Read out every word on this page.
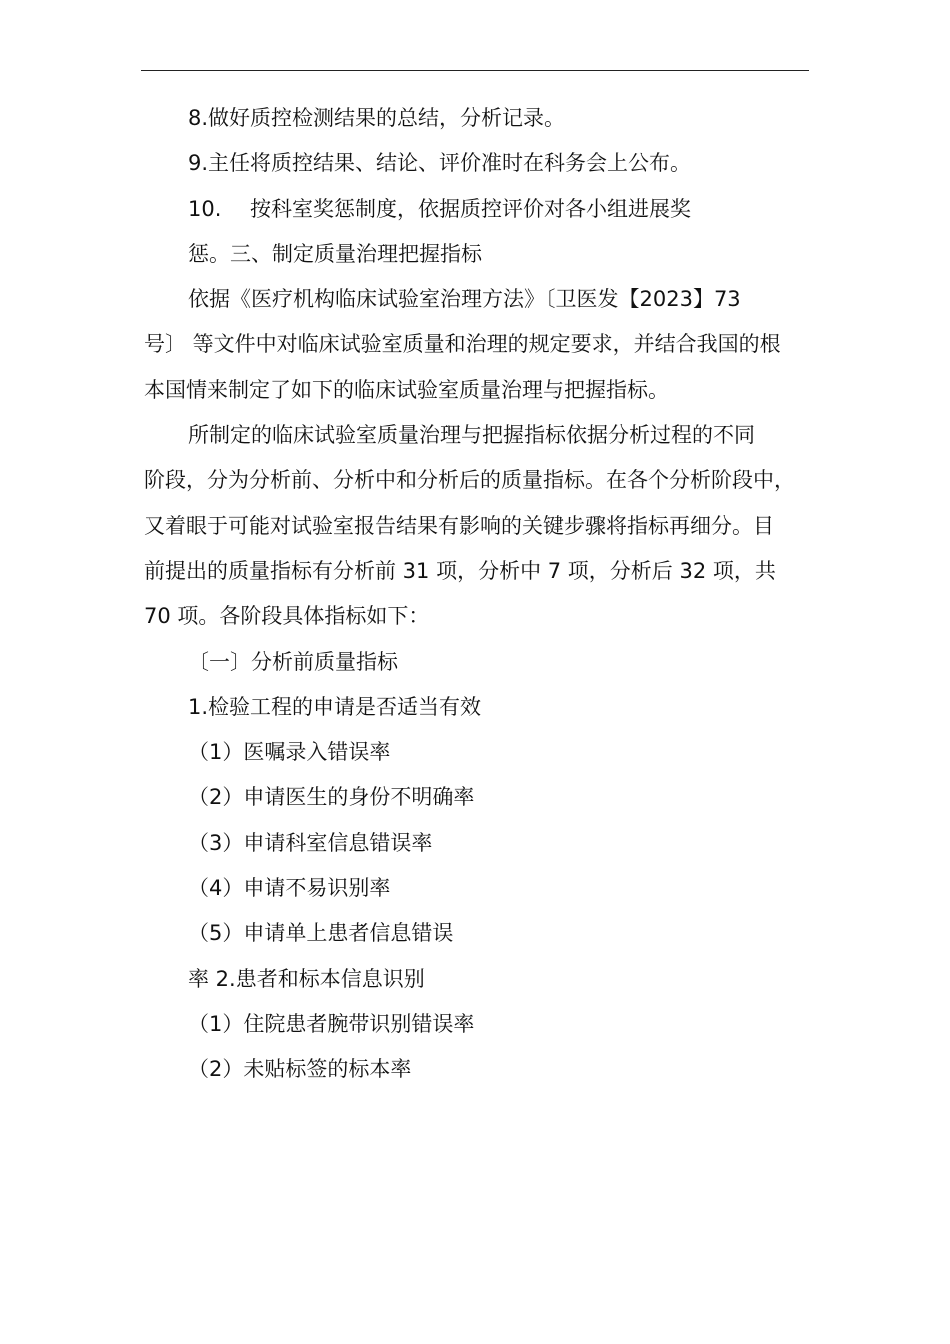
8.做好质控检测结果的总结，分析记录。
9.主任将质控结果、结论、评价准时在科务会上公布。
10. 按科室奖惩制度，依据质控评价对各小组进展奖
惩。三、制定质量治理把握指标
依据《医疗机构临床试验室治理方法》〔卫医发【2023】73
号〕 等文件中对临床试验室质量和治理的规定要求，并结合我国的根
本国情来制定了如下的临床试验室质量治理与把握指标。
所制定的临床试验室质量治理与把握指标依据分析过程的不同
阶段，分为分析前、分析中和分析后的质量指标。在各个分析阶段中，
又着眼于可能对试验室报告结果有影响的关键步骤将指标再细分。目
前提出的质量指标有分析前 31 项，分析中 7 项，分析后 32 项，共
70 项。各阶段具体指标如下：
〔一〕分析前质量指标
1.检验工程的申请是否适当有效
（1）医嘱录入错误率
（2）申请医生的身份不明确率
（3）申请科室信息错误率
（4）申请不易识别率
（5）申请单上患者信息错误
率 2.患者和标本信息识别
（1）住院患者腕带识别错误率
（2）未贴标签的标本率
